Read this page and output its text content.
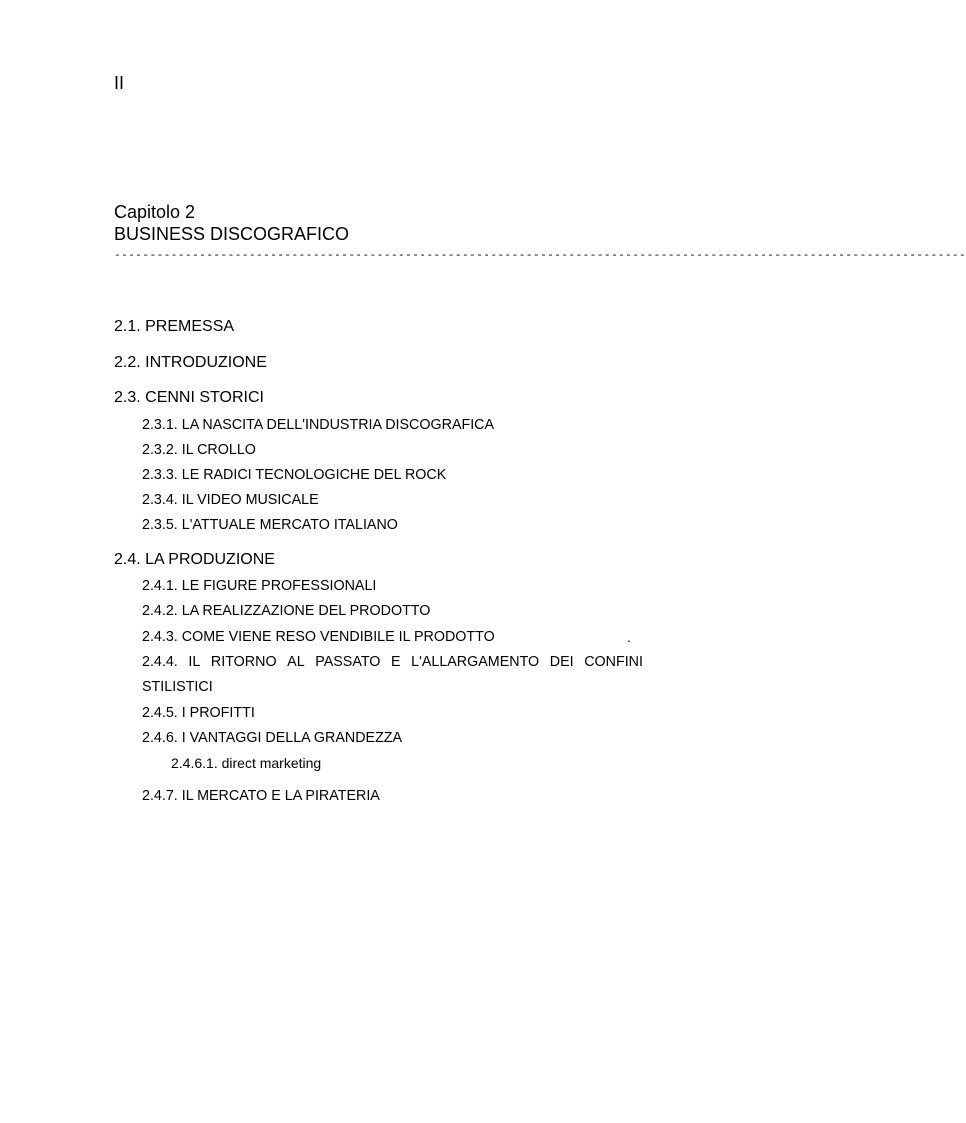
II
Capitolo 2
BUSINESS DISCOGRAFICO
------------------------------------------------------------------------------------------------------------------------
2.1. PREMESSA
2.2. INTRODUZIONE
2.3. CENNI STORICI
2.3.1. LA NASCITA DELL'INDUSTRIA DISCOGRAFICA
2.3.2. IL CROLLO
2.3.3. LE RADICI TECNOLOGICHE DEL ROCK
2.3.4. IL VIDEO MUSICALE
2.3.5. L'ATTUALE MERCATO ITALIANO
2.4. LA PRODUZIONE
2.4.1. LE FIGURE PROFESSIONALI
2.4.2. LA REALIZZAZIONE DEL PRODOTTO
2.4.3. COME VIENE RESO VENDIBILE IL PRODOTTO	.
2.4.4. IL RITORNO AL PASSATO E L'ALLARGAMENTO DEI CONFINI
STILISTICI
2.4.5. I PROFITTI
2.4.6. I VANTAGGI DELLA GRANDEZZA
2.4.6.1. direct marketing
2.4.7. IL MERCATO E LA PIRATERIA
